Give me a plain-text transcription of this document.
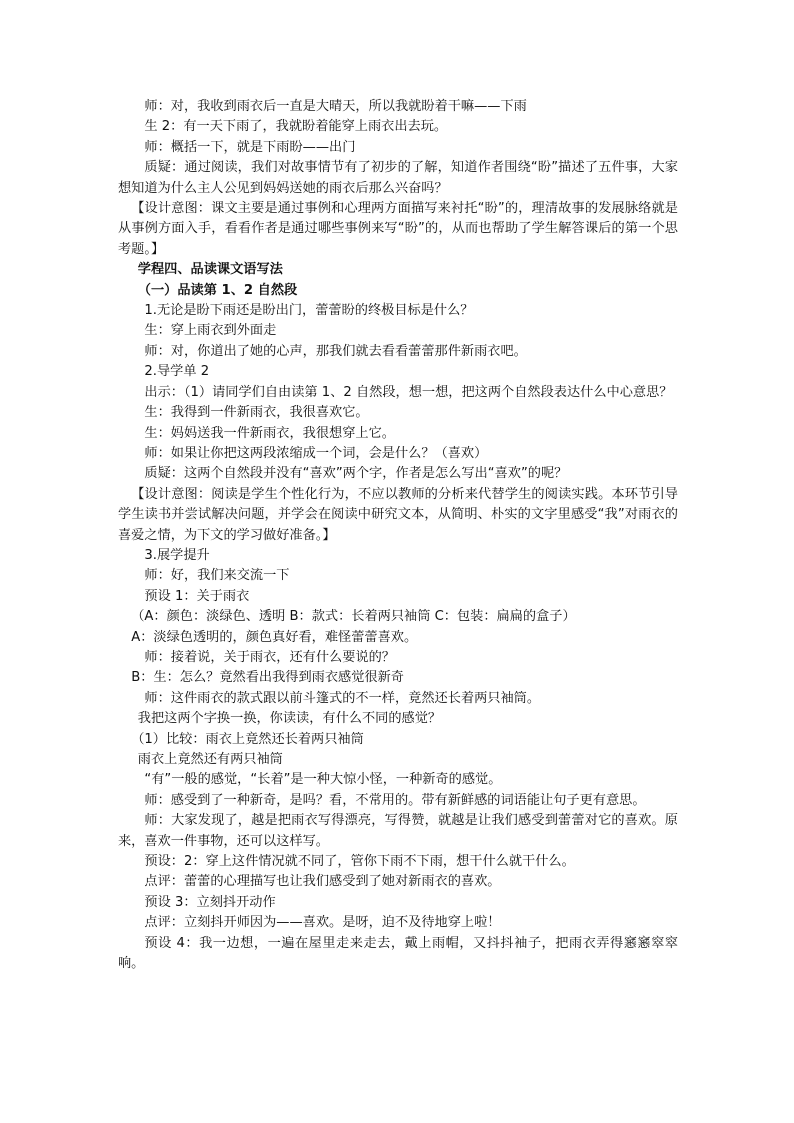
师：对，我收到雨衣后一直是大晴天，所以我就盼着干嘛——下雨

生 2：有一天下雨了，我就盼着能穿上雨衣出去玩。

师：概括一下，就是下雨盼——出门

质疑：通过阅读，我们对故事情节有了初步的了解，知道作者围绕“盼”描述了五件事，大家想知道为什么主人公见到妈妈送她的雨衣后那么兴奋吗？

【设计意图：课文主要是通过事例和心理两方面描写来衬托“盼”的，理清故事的发展脉络就是从事例方面入手，看看作者是通过哪些事例来写“盼”的，从而也帮助了学生解答课后的第一个思考题。】

学程四、品读课文语写法

（一）品读第 1、2 自然段

1.无论是盼下雨还是盼出门，蕾蕾盼的终极目标是什么？

生：穿上雨衣到外面走

师：对，你道出了她的心声，那我们就去看看蕾蕾那件新雨衣吧。

2.导学单 2

出示：（1）请同学们自由读第 1、2 自然段，想一想，把这两个自然段表达什么中心意思？

生：我得到一件新雨衣，我很喜欢它。

生：妈妈送我一件新雨衣，我很想穿上它。

师：如果让你把这两段浓缩成一个词，会是什么？（喜欢）

质疑：这两个自然段并没有“喜欢”两个字，作者是怎么写出“喜欢”的呢？

【设计意图：阅读是学生个性化行为，不应以教师的分析来代替学生的阅读实践。本环节引导学生读书并尝试解决问题，并学会在阅读中研究文本，从简明、朴实的文字里感受“我”对雨衣的喜爱之情，为下文的学习做好准备。】

3.展学提升

师：好，我们来交流一下

预设 1：关于雨衣

（A：颜色：淡绿色、透明 B：款式：长着两只袖筒 C：包装：扁扁的盒子）

A：淡绿色透明的，颜色真好看，难怪蕾蕾喜欢。

师：接着说，关于雨衣，还有什么要说的？

B：生：怎么？竟然看出我得到雨衣感觉很新奇

师：这件雨衣的款式跟以前斗篷式的不一样，竟然还长着两只袖筒。

我把这两个字换一换，你读读，有什么不同的感觉？

（1）比较：雨衣上竟然还长着两只袖筒

雨衣上竟然还有两只袖筒

“有”一般的感觉，“长着”是一种大惊小怪，一种新奇的感觉。

师：感受到了一种新奇，是吗？看，不常用的。带有新鲜感的词语能让句子更有意思。

师：大家发现了，越是把雨衣写得漂亮，写得赞，就越是让我们感受到蕾蕾对它的喜欢。原来，喜欢一件事物，还可以这样写。

预设：2：穿上这件情况就不同了，管你下雨不下雨，想干什么就干什么。

点评：蕾蕾的心理描写也让我们感受到了她对新雨衣的喜欢。

预设 3：立刻抖开动作

点评：立刻抖开师因为——喜欢。是呀，迫不及待地穿上啦！

预设 4：我一边想，一遍在屋里走来走去，戴上雨帽，又抖抖袖子，把雨衣弄得窸窸窣窣响。
